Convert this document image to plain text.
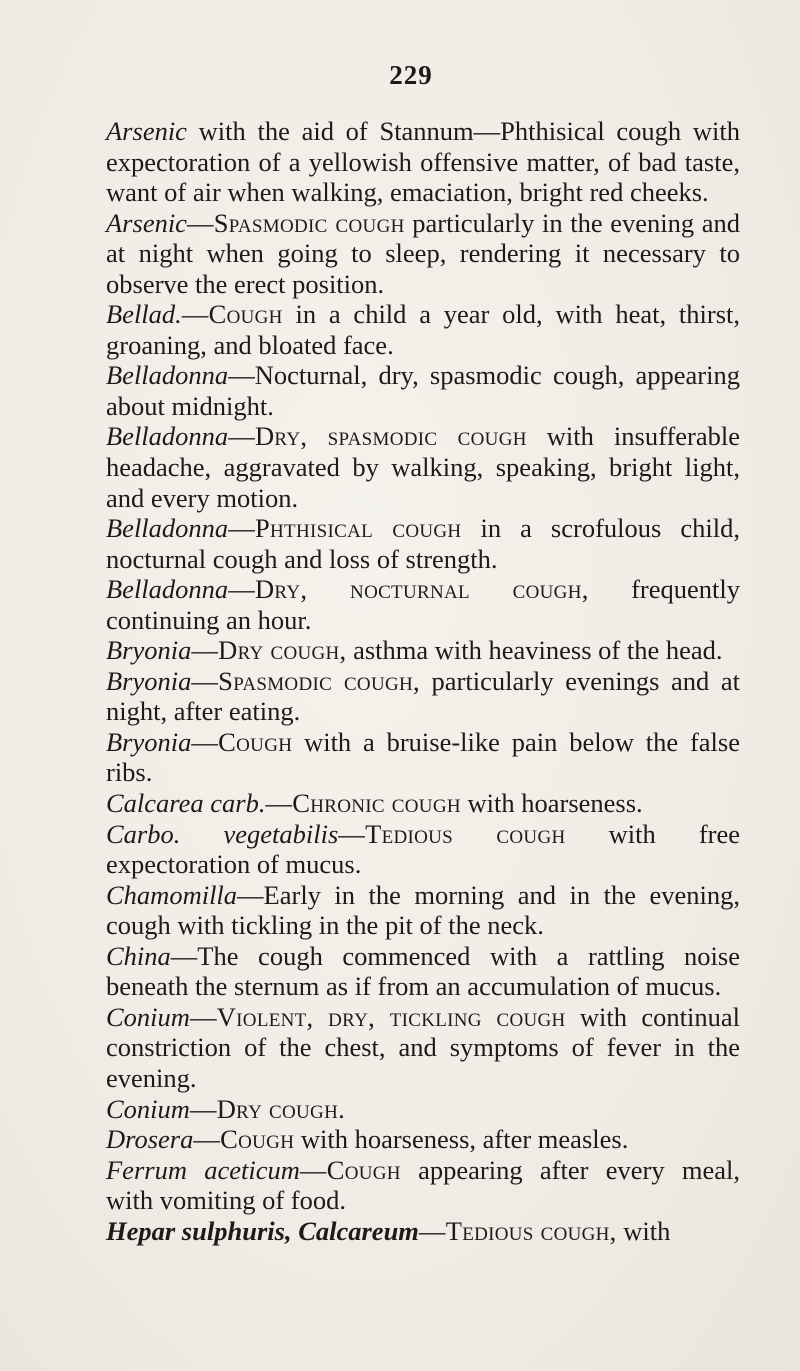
229

Arsenic with the aid of Stannum—Phthisical cough with expectoration of a yellowish offensive matter, of bad taste, want of air when walking, emaciation, bright red cheeks.

Arsenic—Spasmodic cough particularly in the evening and at night when going to sleep, rendering it necessary to observe the erect position.

Bellad.—Cough in a child a year old, with heat, thirst, groaning, and bloated face.

Belladonna—Nocturnal, dry, spasmodic cough, appearing about midnight.

Belladonna—Dry, spasmodic cough with insufferable headache, aggravated by walking, speaking, bright light, and every motion.

Belladonna—Phthisical cough in a scrofulous child, nocturnal cough and loss of strength.

Belladonna—Dry, nocturnal cough, frequently continuing an hour.

Bryonia—Dry cough, asthma with heaviness of the head.

Bryonia—Spasmodic cough, particularly evenings and at night, after eating.

Bryonia—Cough with a bruise-like pain below the false ribs.

Calcarea carb.—Chronic cough with hoarseness.

Carbo. vegetabilis—Tedious cough with free expectoration of mucus.

Chamomilla—Early in the morning and in the evening, cough with tickling in the pit of the neck.

China—The cough commenced with a rattling noise beneath the sternum as if from an accumulation of mucus.

Conium—Violent, dry, tickling cough with continual constriction of the chest, and symptoms of fever in the evening.

Conium—Dry cough.

Drosera—Cough with hoarseness, after measles.

Ferrum aceticum—Cough appearing after every meal, with vomiting of food.

Hepar sulphuris, Calcareum—Tedious cough, with
